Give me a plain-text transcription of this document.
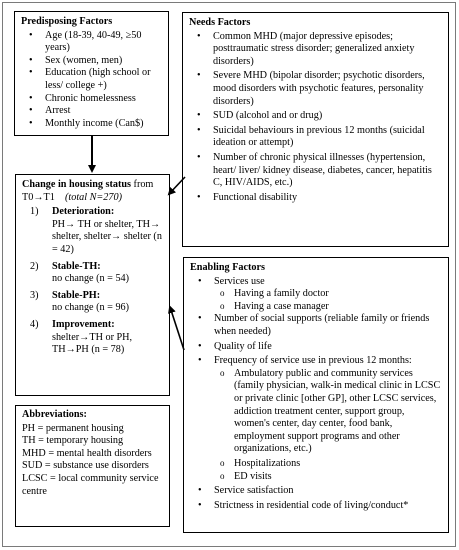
Predisposing Factors
• Age (18-39, 40-49, ≥50 years)
• Sex (women, men)
• Education (high school or less/ college +)
• Chronic homelessness
• Arrest
• Monthly income (Can$)
Needs Factors
• Common MHD (major depressive episodes; posttraumatic stress disorder; generalized anxiety disorders)
• Severe MHD (bipolar disorder; psychotic disorders, mood disorders with psychotic features, personality disorders)
• SUD (alcohol and or drug)
• Suicidal behaviours in previous 12 months (suicidal ideation or attempt)
• Number of chronic physical illnesses (hypertension, heart/ liver/ kidney disease, diabetes, cancer, hepatitis C, HIV/AIDS, etc.)
• Functional disability
Change in housing status from
T0→T1 (total N=270)
1) Deterioration:
PH→ TH or shelter, TH→ shelter, shelter→ shelter (n = 42)
2) Stable-TH:
no change (n = 54)
3) Stable-PH:
no change (n = 96)
4) Improvement:
shelter→TH or PH, TH→PH (n = 78)
Enabling Factors
• Services use
o Having a family doctor
o Having a case manager
• Number of social supports (reliable family or friends when needed)
• Quality of life
• Frequency of service use in previous 12 months:
o Ambulatory public and community services (family physician, walk-in medical clinic in LCSC or private clinic [other GP], other LCSC services, addiction treatment center, support group, women's center, day center, food bank, employment support programs and other organizations, etc.)
o Hospitalizations
o ED visits
• Service satisfaction
• Strictness in residential code of living/conduct*
Abbreviations:
PH = permanent housing
TH = temporary housing
MHD = mental health disorders
SUD = substance use disorders
LCSC = local community service centre
